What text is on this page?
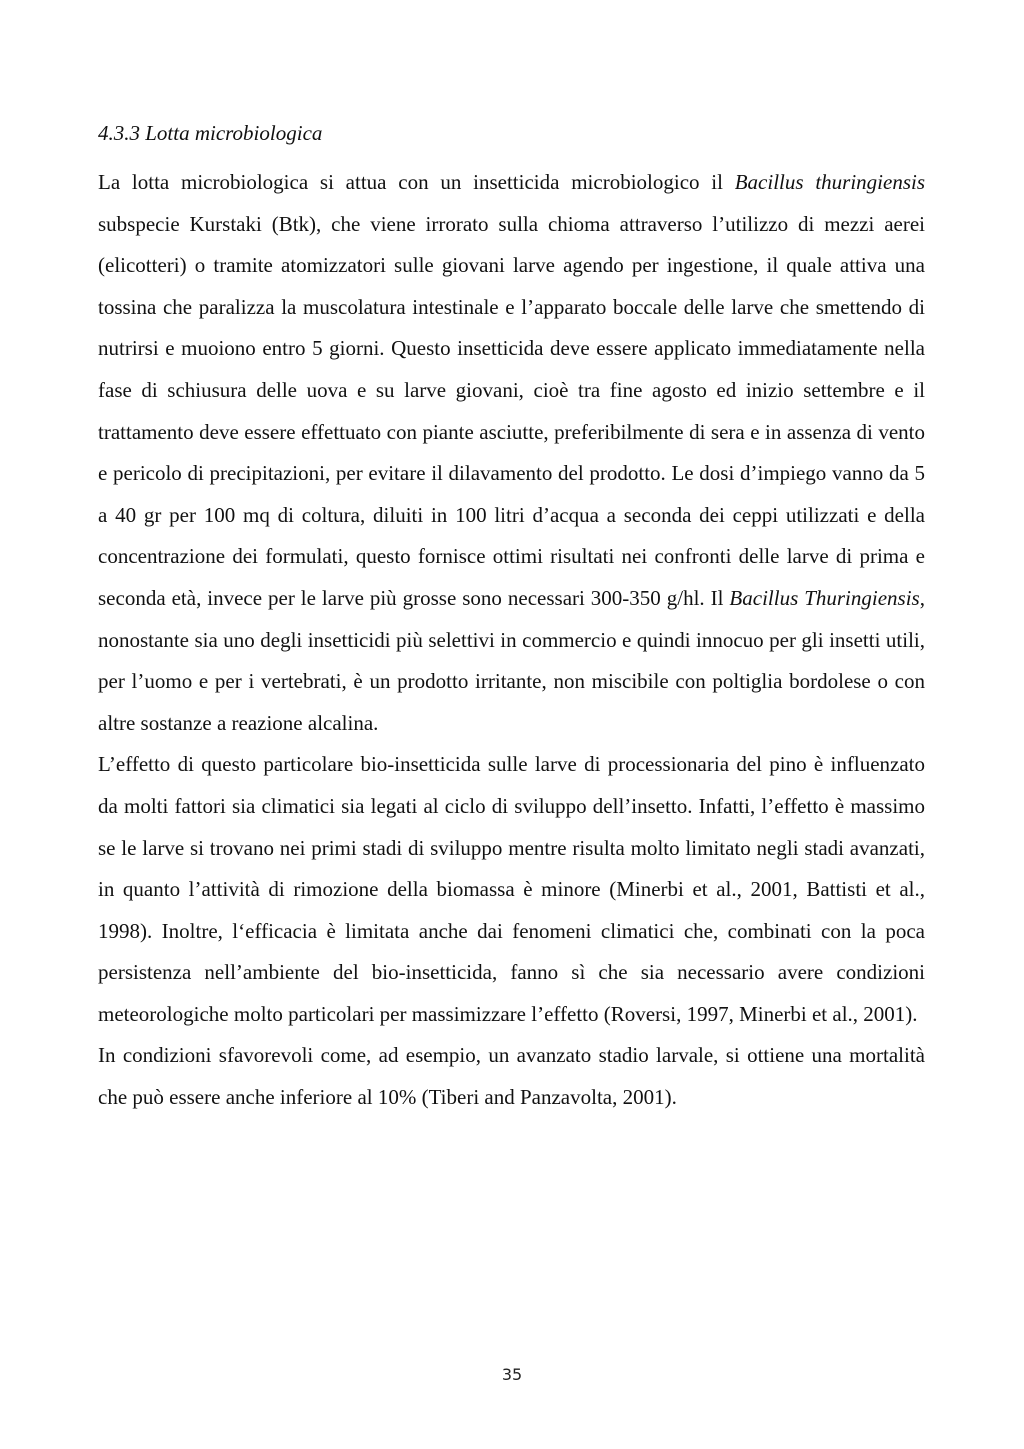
4.3.3 Lotta microbiologica

La lotta microbiologica si attua con un insetticida microbiologico il Bacillus thuringiensis subspecie Kurstaki (Btk), che viene irrorato sulla chioma attraverso l’utilizzo di mezzi aerei (elicotteri) o tramite atomizzatori sulle giovani larve agendo per ingestione, il quale attiva una tossina che paralizza la muscolatura intestinale e l’apparato boccale delle larve che smettendo di nutrirsi e muoiono entro 5 giorni. Questo insetticida deve essere applicato immediatamente nella fase di schiusura delle uova e su larve giovani, cioè tra fine agosto ed inizio settembre e il trattamento deve essere effettuato con piante asciutte, preferibilmente di sera e in assenza di vento e pericolo di precipitazioni, per evitare il dilavamento del prodotto. Le dosi d’impiego vanno da 5 a 40 gr per 100 mq di coltura, diluiti in 100 litri d’acqua a seconda dei ceppi utilizzati e della concentrazione dei formulati, questo fornisce ottimi risultati nei confronti delle larve di prima e seconda età, invece per le larve più grosse sono necessari 300-350 g/hl. Il Bacillus Thuringiensis, nonostante sia uno degli insetticidi più selettivi in commercio e quindi innocuo per gli insetti utili, per l’uomo e per i vertebrati, è un prodotto irritante, non miscibile con poltiglia bordolese o con altre sostanze a reazione alcalina.

L’effetto di questo particolare bio-insetticida sulle larve di processionaria del pino è influenzato da molti fattori sia climatici sia legati al ciclo di sviluppo dell’insetto. Infatti, l’effetto è massimo se le larve si trovano nei primi stadi di sviluppo mentre risulta molto limitato negli stadi avanzati, in quanto l’attività di rimozione della biomassa è minore (Minerbi et al., 2001, Battisti et al., 1998). Inoltre, l‘efficacia è limitata anche dai fenomeni climatici che, combinati con la poca persistenza nell’ambiente del bio-insetticida, fanno sì che sia necessario avere condizioni meteorologiche molto particolari per massimizzare l’effetto (Roversi, 1997, Minerbi et al., 2001).

In condizioni sfavorevoli come, ad esempio, un avanzato stadio larvale, si ottiene una mortalità che può essere anche inferiore al 10% (Tiberi and Panzavolta, 2001).

35
